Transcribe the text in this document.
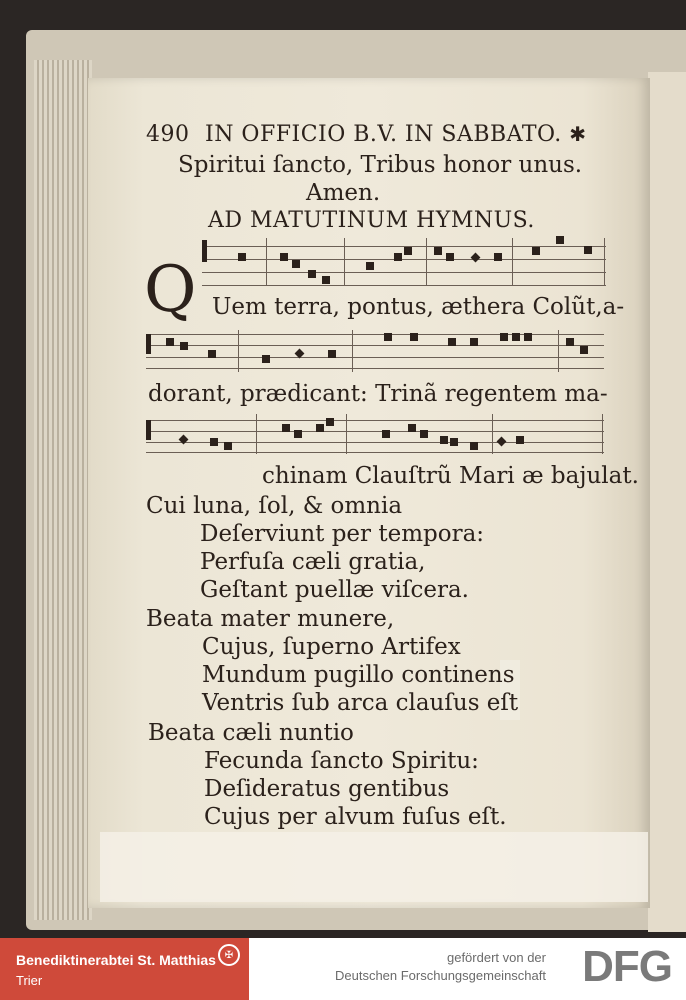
490 IN OFFICIO B.V. IN SABBATO. ✱
Spiritui ſancto, Tribus honor unus.
Amen.
AD MATUTINUM HYMNUS.
Q Uem terra, pontus, æthera Colũt,a-
dorant, prædicant: Trinã regentem ma-
chinam Clauſtrũ Mari æ bajulat.
Cui luna, ſol, & omnia
Deſerviunt per tempora:
Perfuſa cæli gratia,
Geſtant puellæ viſcera.
Beata mater munere,
Cujus, ſuperno Artifex
Mundum pugillo continens
Ventris ſub arca clauſus eſt
Beata cæli nuntio
Fecunda ſancto Spiritu:
Deſideratus gentibus
Cujus per alvum fuſus eſt.
Benediktinerabtei St. Matthias
Trier
✠	gefördert von der
Deutschen Forschungsgemeinschaft DFG
